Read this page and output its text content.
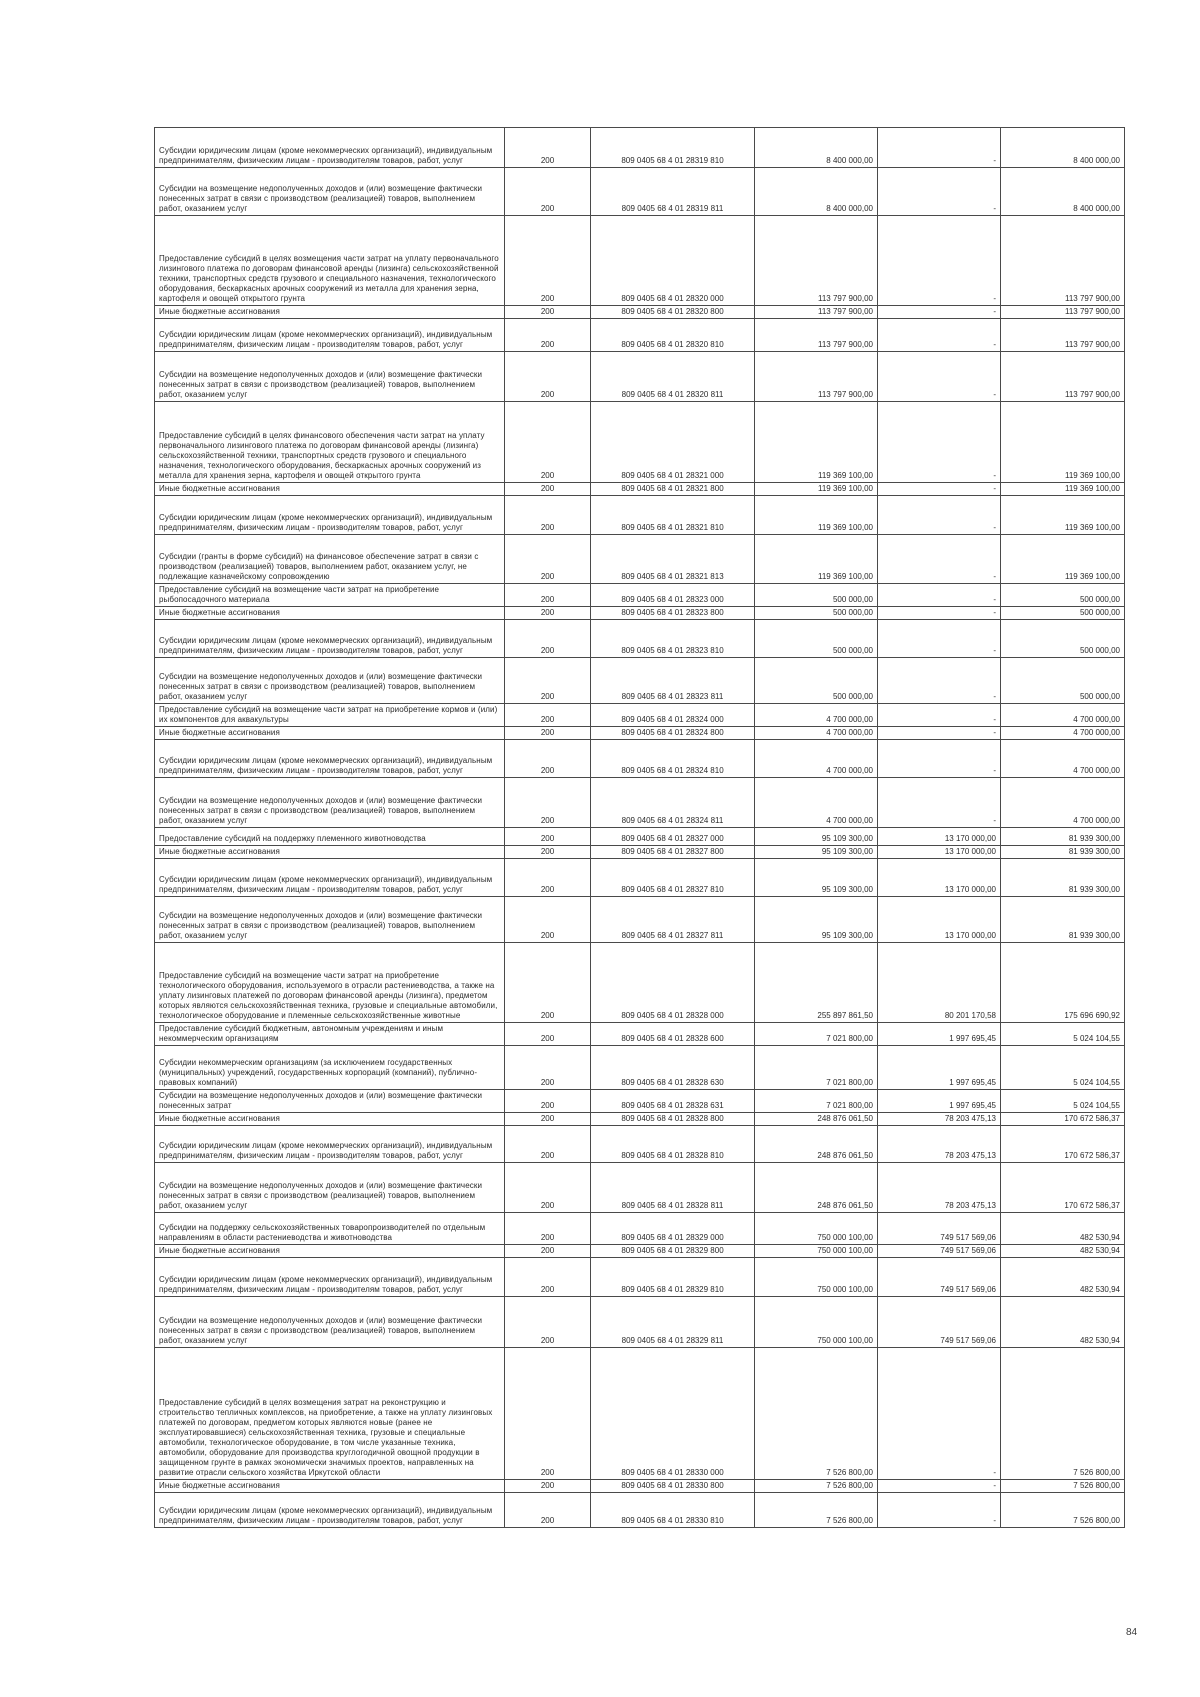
Субсидии юридическим лицам (кроме некоммерческих организаций), индивидуальным предпринимателям, физическим лицам - производителям товаров, работ, услуг	200	809 0405 68 4 01 28319 810	8 400 000,00	-	8 400 000,00
Субсидии на возмещение недополученных доходов и (или) возмещение фактически понесенных затрат в связи с производством (реализацией) товаров, выполнением работ, оказанием услуг	200	809 0405 68 4 01 28319 811	8 400 000,00	-	8 400 000,00
Предоставление субсидий в целях возмещения части затрат на уплату первоначального лизингового платежа по договорам финансовой аренды (лизинга) сельскохозяйственной техники, транспортных средств грузового и специального назначения, технологического оборудования, бескаркасных арочных сооружений из металла для хранения зерна, картофеля и овощей открытого грунта	200	809 0405 68 4 01 28320 000	113 797 900,00	-	113 797 900,00
Иные бюджетные ассигнования	200	809 0405 68 4 01 28320 800	113 797 900,00	-	113 797 900,00
Субсидии юридическим лицам (кроме некоммерческих организаций), индивидуальным предпринимателям, физическим лицам - производителям товаров, работ, услуг	200	809 0405 68 4 01 28320 810	113 797 900,00	-	113 797 900,00
Субсидии на возмещение недополученных доходов и (или) возмещение фактически понесенных затрат в связи с производством (реализацией) товаров, выполнением работ, оказанием услуг	200	809 0405 68 4 01 28320 811	113 797 900,00	-	113 797 900,00
Предоставление субсидий в целях финансового обеспечения части затрат на уплату первоначального лизингового платежа по договорам финансовой аренды (лизинга) сельскохозяйственной техники, транспортных средств грузового и специального назначения, технологического оборудования, бескаркасных арочных сооружений из металла для хранения зерна, картофеля и овощей открытого грунта	200	809 0405 68 4 01 28321 000	119 369 100,00	-	119 369 100,00
Иные бюджетные ассигнования	200	809 0405 68 4 01 28321 800	119 369 100,00	-	119 369 100,00
Субсидии юридическим лицам (кроме некоммерческих организаций), индивидуальным предпринимателям, физическим лицам - производителям товаров, работ, услуг	200	809 0405 68 4 01 28321 810	119 369 100,00	-	119 369 100,00
Субсидии (гранты в форме субсидий) на финансовое обеспечение затрат в связи с производством (реализацией) товаров, выполнением работ, оказанием услуг, не подлежащие казначейскому сопровождению	200	809 0405 68 4 01 28321 813	119 369 100,00	-	119 369 100,00
Предоставление субсидий на возмещение части затрат на приобретение рыбопосадочного материала	200	809 0405 68 4 01 28323 000	500 000,00	-	500 000,00
Иные бюджетные ассигнования	200	809 0405 68 4 01 28323 800	500 000,00	-	500 000,00
Субсидии юридическим лицам (кроме некоммерческих организаций), индивидуальным предпринимателям, физическим лицам - производителям товаров, работ, услуг	200	809 0405 68 4 01 28323 810	500 000,00	-	500 000,00
Субсидии на возмещение недополученных доходов и (или) возмещение фактически понесенных затрат в связи с производством (реализацией) товаров, выполнением работ, оказанием услуг	200	809 0405 68 4 01 28323 811	500 000,00	-	500 000,00
Предоставление субсидий на возмещение части затрат на приобретение кормов и (или) их компонентов для аквакультуры	200	809 0405 68 4 01 28324 000	4 700 000,00	-	4 700 000,00
Иные бюджетные ассигнования	200	809 0405 68 4 01 28324 800	4 700 000,00	-	4 700 000,00
Субсидии юридическим лицам (кроме некоммерческих организаций), индивидуальным предпринимателям, физическим лицам - производителям товаров, работ, услуг	200	809 0405 68 4 01 28324 810	4 700 000,00	-	4 700 000,00
Субсидии на возмещение недополученных доходов и (или) возмещение фактически понесенных затрат в связи с производством (реализацией) товаров, выполнением работ, оказанием услуг	200	809 0405 68 4 01 28324 811	4 700 000,00	-	4 700 000,00
Предоставление субсидий на поддержку племенного животноводства	200	809 0405 68 4 01 28327 000	95 109 300,00	13 170 000,00	81 939 300,00
Иные бюджетные ассигнования	200	809 0405 68 4 01 28327 800	95 109 300,00	13 170 000,00	81 939 300,00
Субсидии юридическим лицам (кроме некоммерческих организаций), индивидуальным предпринимателям, физическим лицам - производителям товаров, работ, услуг	200	809 0405 68 4 01 28327 810	95 109 300,00	13 170 000,00	81 939 300,00
Субсидии на возмещение недополученных доходов и (или) возмещение фактически понесенных затрат в связи с производством (реализацией) товаров, выполнением работ, оказанием услуг	200	809 0405 68 4 01 28327 811	95 109 300,00	13 170 000,00	81 939 300,00
Предоставление субсидий на возмещение части затрат на приобретение технологического оборудования, используемого в отрасли растениеводства, а также на уплату лизинговых платежей по договорам финансовой аренды (лизинга), предметом которых являются сельскохозяйственная техника, грузовые и специальные автомобили, технологическое оборудование и племенные сельскохозяйственные животные	200	809 0405 68 4 01 28328 000	255 897 861,50	80 201 170,58	175 696 690,92
Предоставление субсидий бюджетным, автономным учреждениям и иным некоммерческим организациям	200	809 0405 68 4 01 28328 600	7 021 800,00	1 997 695,45	5 024 104,55
Субсидии некоммерческим организациям (за исключением государственных (муниципальных) учреждений, государственных корпораций (компаний), публично-правовых компаний)	200	809 0405 68 4 01 28328 630	7 021 800,00	1 997 695,45	5 024 104,55
Субсидии на возмещение недополученных доходов и (или) возмещение фактически понесенных затрат	200	809 0405 68 4 01 28328 631	7 021 800,00	1 997 695,45	5 024 104,55
Иные бюджетные ассигнования	200	809 0405 68 4 01 28328 800	248 876 061,50	78 203 475,13	170 672 586,37
Субсидии юридическим лицам (кроме некоммерческих организаций), индивидуальным предпринимателям, физическим лицам - производителям товаров, работ, услуг	200	809 0405 68 4 01 28328 810	248 876 061,50	78 203 475,13	170 672 586,37
Субсидии на возмещение недополученных доходов и (или) возмещение фактически понесенных затрат в связи с производством (реализацией) товаров, выполнением работ, оказанием услуг	200	809 0405 68 4 01 28328 811	248 876 061,50	78 203 475,13	170 672 586,37
Субсидии на поддержку сельскохозяйственных товаропроизводителей по отдельным направлениям в области растениеводства и животноводства	200	809 0405 68 4 01 28329 000	750 000 100,00	749 517 569,06	482 530,94
Иные бюджетные ассигнования	200	809 0405 68 4 01 28329 800	750 000 100,00	749 517 569,06	482 530,94
Субсидии юридическим лицам (кроме некоммерческих организаций), индивидуальным предпринимателям, физическим лицам - производителям товаров, работ, услуг	200	809 0405 68 4 01 28329 810	750 000 100,00	749 517 569,06	482 530,94
Субсидии на возмещение недополученных доходов и (или) возмещение фактически понесенных затрат в связи с производством (реализацией) товаров, выполнением работ, оказанием услуг	200	809 0405 68 4 01 28329 811	750 000 100,00	749 517 569,06	482 530,94
Предоставление субсидий в целях возмещения затрат на реконструкцию и строительство тепличных комплексов, на приобретение, а также на уплату лизинговых платежей по договорам, предметом которых являются новые (ранее не эксплуатировавшиеся) сельскохозяйственная техника, грузовые и специальные автомобили, технологическое оборудование, в том числе указанные техника, автомобили, оборудование для производства круглогодичной овощной продукции в защищенном грунте в рамках экономически значимых проектов, направленных на развитие отрасли сельского хозяйства Иркутской области	200	809 0405 68 4 01 28330 000	7 526 800,00	-	7 526 800,00
Иные бюджетные ассигнования	200	809 0405 68 4 01 28330 800	7 526 800,00	-	7 526 800,00
Субсидии юридическим лицам (кроме некоммерческих организаций), индивидуальным предпринимателям, физическим лицам - производителям товаров, работ, услуг	200	809 0405 68 4 01 28330 810	7 526 800,00	-	7 526 800,00
84
